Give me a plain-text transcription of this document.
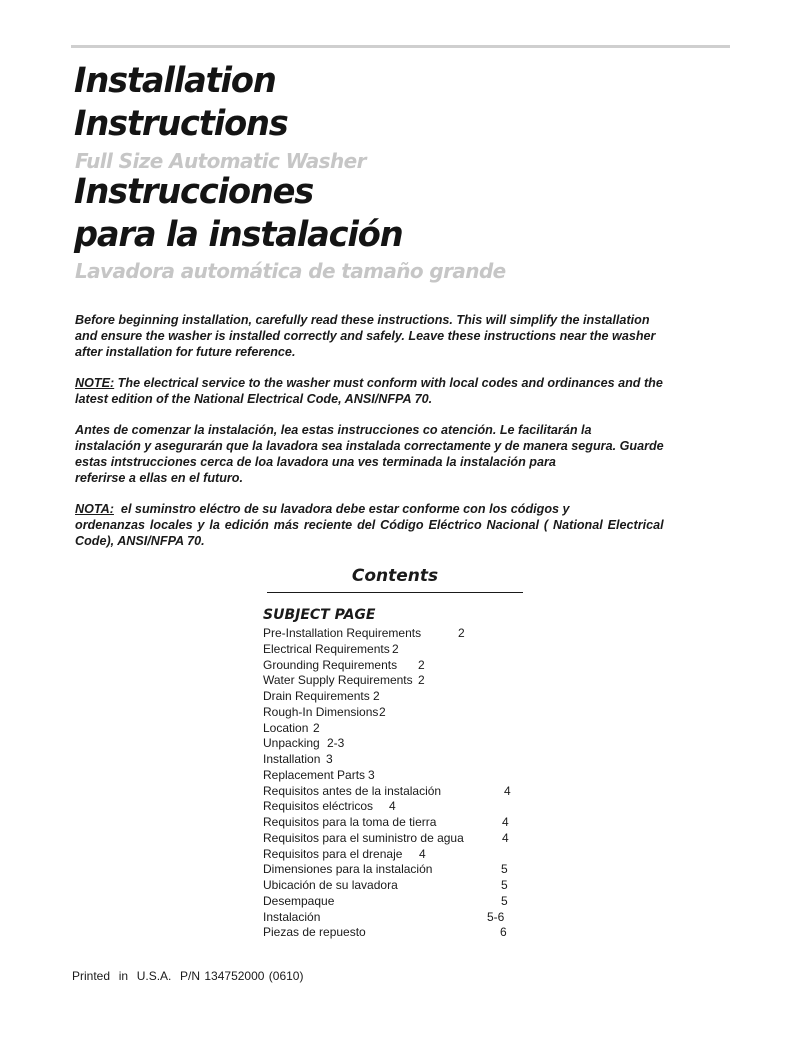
Installation
Instructions
Full Size Automatic Washer
Instrucciones
para la instalación
Lavadora automática de tamaño grande

Before beginning installation, carefully read these instructions. This will simplify the installation
and ensure the washer is installed correctly and safely. Leave these instructions near the washer
after installation for future reference.

NOTE: The electrical service to the washer must conform with local codes and ordinances and the
latest edition of the National Electrical Code, ANSI/NFPA 70.

Antes de comenzar la instalación, lea estas instrucciones co atención. Le facilitarán la
instalación y asegurarán que la lavadora sea instalada correctamente y de manera segura. Guarde
estas intstrucciones cerca de loa lavadora una ves terminada la instalación para
referirse a ellas en el futuro.

NOTA:  el suminstro eléctro de su lavadora debe estar conforme con los códigos y
ordenanzas locales y la edición más reciente del Código Eléctrico Nacional ( National Electrical
Code), ANSI/NFPA 70.

Contents
SUBJECT PAGE
Pre-Installation Requirements	2
Electrical Requirements 2
Grounding Requirements 2
Water Supply Requirements 2
Drain Requirements 2
Rough-In Dimensions 2
Location 2
Unpacking 2-3
Installation 3
Replacement Parts 3
Requisitos antes de la instalación	4
Requisitos eléctricos 4
Requisitos para la toma de tierra	4
Requisitos para el suministro de agua	4
Requisitos para el drenaje 4
Dimensiones para la instalación	5
Ubicación de su lavadora	5
Desempaque	5
Instalación	5-6
Piezas de repuesto	6

Printed  in  U.S.A.  P/N 134752000 (0610)
